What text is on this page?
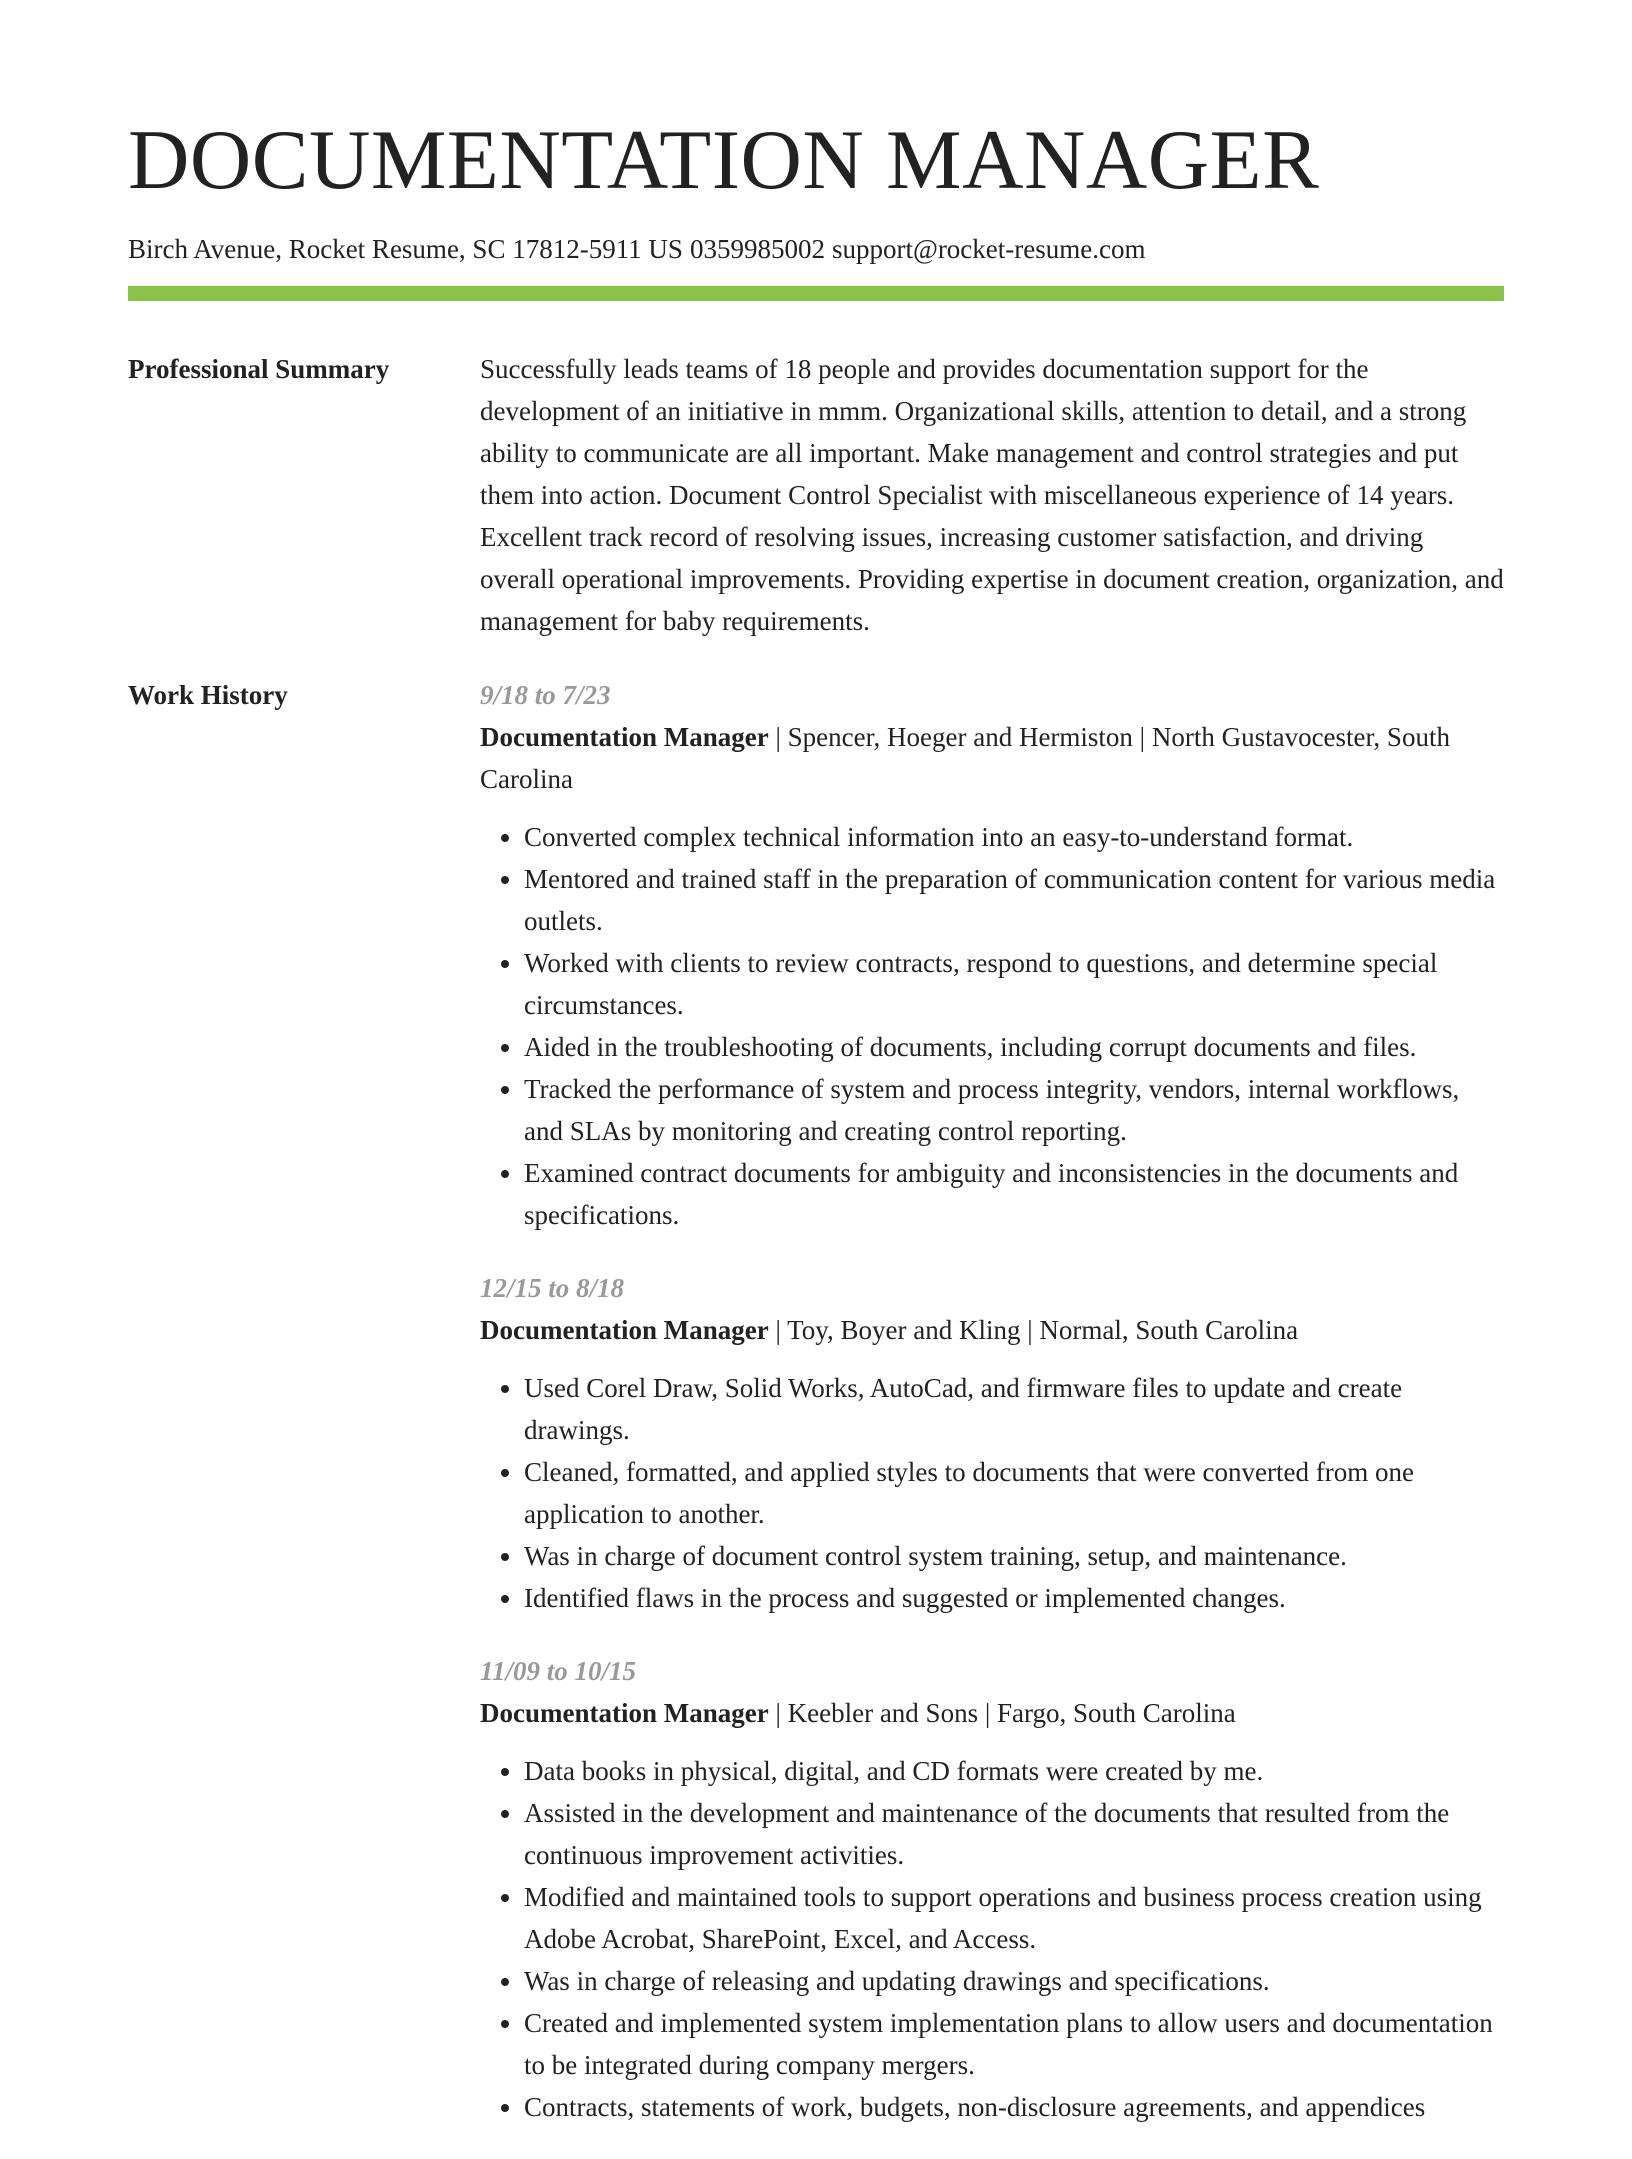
DOCUMENTATION MANAGER
Birch Avenue, Rocket Resume, SC 17812-5911 US 0359985002 support@rocket-resume.com
Professional Summary	Successfully leads teams of 18 people and provides documentation support for the development of an initiative in mmm. Organizational skills, attention to detail, and a strong ability to communicate are all important. Make management and control strategies and put them into action. Document Control Specialist with miscellaneous experience of 14 years. Excellent track record of resolving issues, increasing customer satisfaction, and driving overall operational improvements. Providing expertise in document creation, organization, and management for baby requirements.

Work History	9/18 to 7/23
Documentation Manager | Spencer, Hoeger and Hermiston | North Gustavocester, South Carolina
• Converted complex technical information into an easy-to-understand format.
• Mentored and trained staff in the preparation of communication content for various media outlets.
• Worked with clients to review contracts, respond to questions, and determine special circumstances.
• Aided in the troubleshooting of documents, including corrupt documents and files.
• Tracked the performance of system and process integrity, vendors, internal workflows, and SLAs by monitoring and creating control reporting.
• Examined contract documents for ambiguity and inconsistencies in the documents and specifications.
12/15 to 8/18
Documentation Manager | Toy, Boyer and Kling | Normal, South Carolina
• Used Corel Draw, Solid Works, AutoCad, and firmware files to update and create drawings.
• Cleaned, formatted, and applied styles to documents that were converted from one application to another.
• Was in charge of document control system training, setup, and maintenance.
• Identified flaws in the process and suggested or implemented changes.
11/09 to 10/15
Documentation Manager | Keebler and Sons | Fargo, South Carolina
• Data books in physical, digital, and CD formats were created by me.
• Assisted in the development and maintenance of the documents that resulted from the continuous improvement activities.
• Modified and maintained tools to support operations and business process creation using Adobe Acrobat, SharePoint, Excel, and Access.
• Was in charge of releasing and updating drawings and specifications.
• Created and implemented system implementation plans to allow users and documentation to be integrated during company mergers.
• Contracts, statements of work, budgets, non-disclosure agreements, and appendices
